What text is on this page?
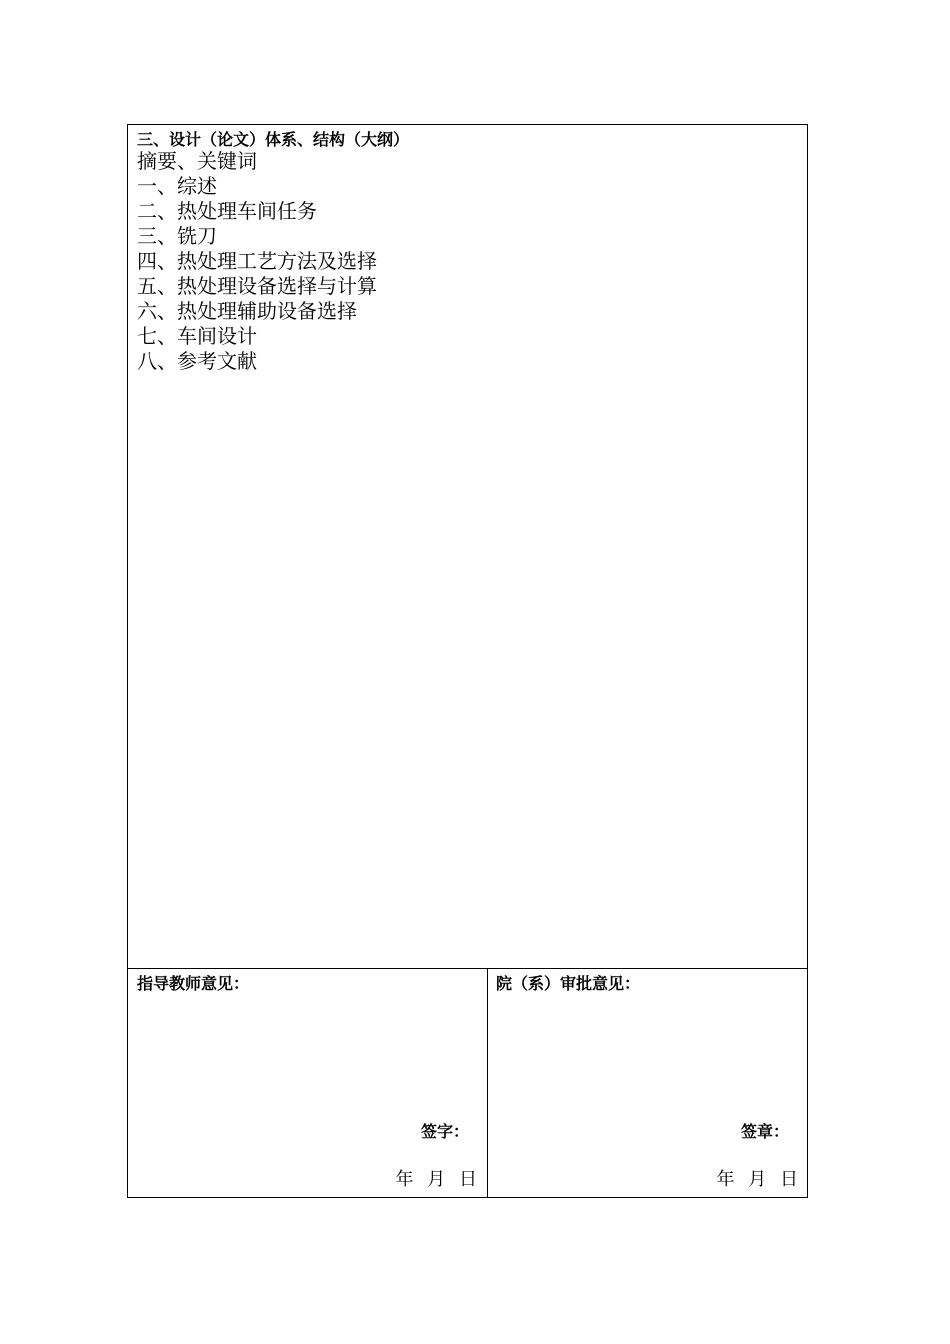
三、设计（论文）体系、结构（大纲）
摘要、关键词
一、综述
二、热处理车间任务
三、铣刀
四、热处理工艺方法及选择
五、热处理设备选择与计算
六、热处理辅助设备选择
七、车间设计
八、参考文献
指导教师意见：
签字：
年 月 日
院（系）审批意见：
签章：
年 月 日
